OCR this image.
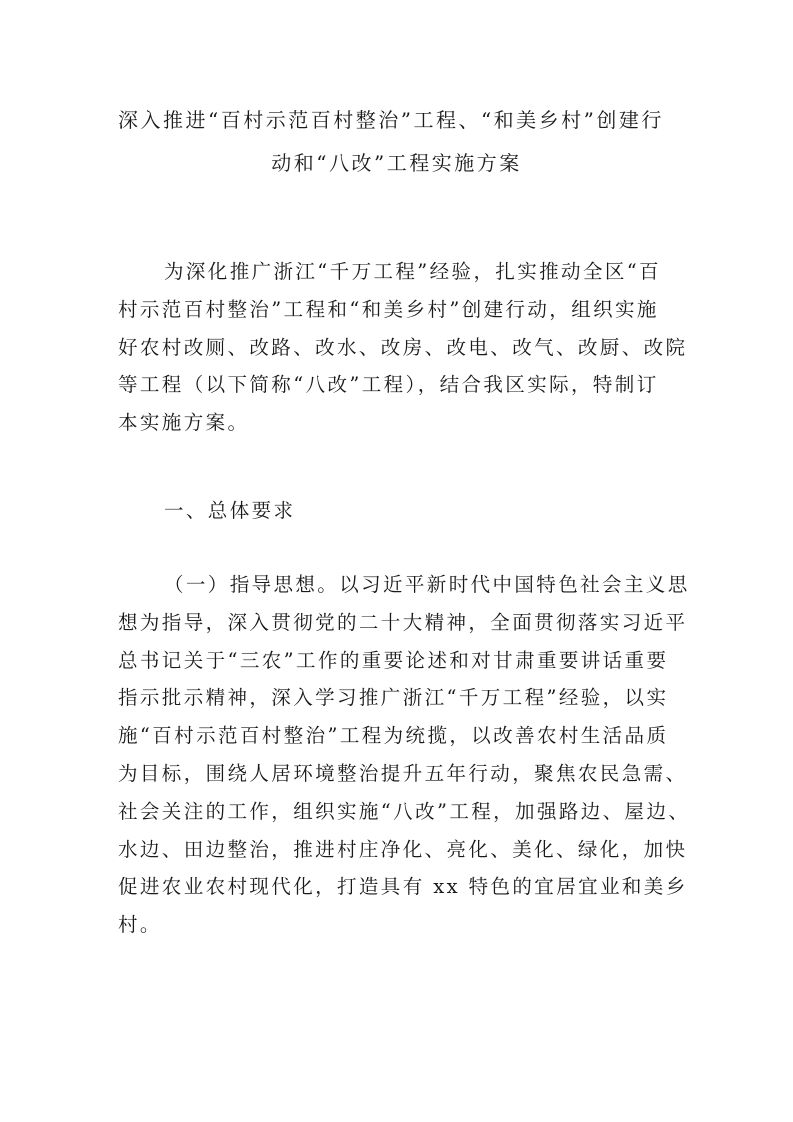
深入推进“百村示范百村整治”工程、“和美乡村”创建行
动和“八改”工程实施方案
为深化推广浙江“千万工程”经验，扎实推动全区“百
村示范百村整治”工程和“和美乡村”创建行动，组织实施
好农村改厕、改路、改水、改房、改电、改气、改厨、改院
等工程（以下简称“八改”工程），结合我区实际，特制订
本实施方案。
一、总体要求
（一）指导思想。以习近平新时代中国特色社会主义思
想为指导，深入贯彻党的二十大精神，全面贯彻落实习近平
总书记关于“三农”工作的重要论述和对甘肃重要讲话重要
指示批示精神，深入学习推广浙江“千万工程”经验，以实
施“百村示范百村整治”工程为统揽，以改善农村生活品质
为目标，围绕人居环境整治提升五年行动，聚焦农民急需、
社会关注的工作，组织实施“八改”工程，加强路边、屋边、
水边、田边整治，推进村庄净化、亮化、美化、绿化，加快
促进农业农村现代化，打造具有 xx 特色的宜居宜业和美乡
村。
